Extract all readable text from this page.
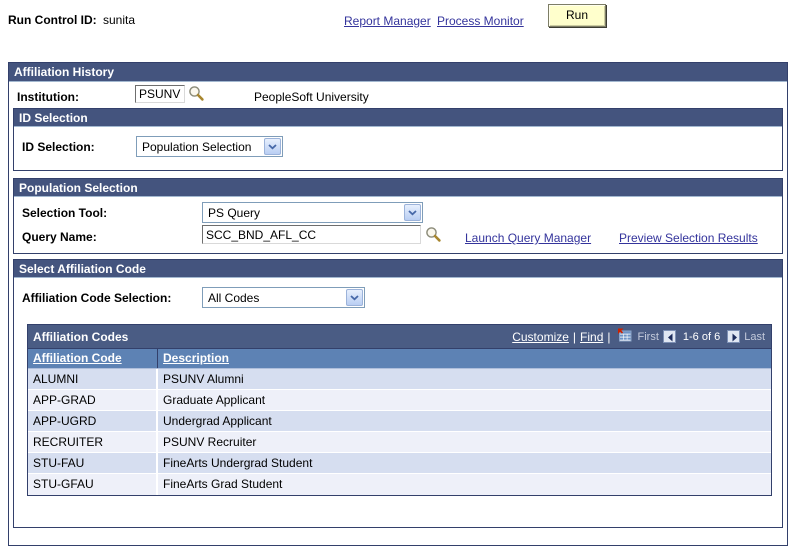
Run Control ID: sunita	Report Manager Process Monitor	Run
Affiliation History
Institution:
PSUNV	PeopleSoft University
ID Selection
ID Selection:	Population Selection
Population Selection
Selection Tool:	PS Query
Query Name:
SCC_BND_AFL_CC	Launch Query Manager Preview Selection Results
Select Affiliation Code
Affiliation Code Selection:	All Codes
Affiliation Codes	Customize | Find | First 1-6 of 6 Last
Affiliation Code	Description
ALUMNI	PSUNV Alumni
APP-GRAD	Graduate Applicant
APP-UGRD	Undergrad Applicant
RECRUITER	PSUNV Recruiter
STU-FAU	FineArts Undergrad Student
STU-GFAU	FineArts Grad Student
